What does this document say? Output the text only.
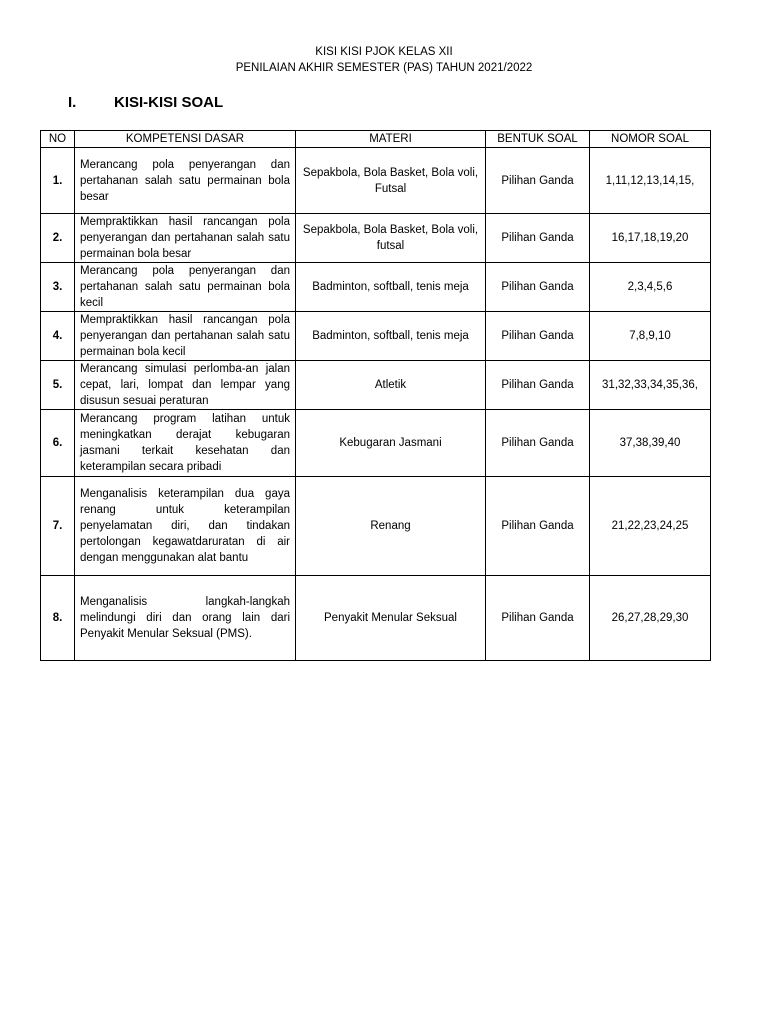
KISI KISI PJOK KELAS XII
PENILAIAN AKHIR SEMESTER (PAS) TAHUN 2021/2022
I.	KISI-KISI SOAL
NO	KOMPETENSI DASAR	MATERI	BENTUK SOAL	NOMOR SOAL
1.	Merancang pola penyerangan dan pertahanan salah satu permainan bola besar	Sepakbola, Bola Basket, Bola voli, Futsal	Pilihan Ganda	1,11,12,13,14,15,
2.	Mempraktikkan hasil rancangan pola penyerangan dan pertahanan salah satu permainan bola besar	Sepakbola, Bola Basket, Bola voli, futsal	Pilihan Ganda	16,17,18,19,20
3.	Merancang pola penyerangan dan pertahanan salah satu permainan bola kecil	Badminton, softball, tenis meja	Pilihan Ganda	2,3,4,5,6
4.	Mempraktikkan hasil rancangan pola penyerangan dan pertahanan salah satu permainan bola kecil	Badminton, softball, tenis meja	Pilihan Ganda	7,8,9,10
5.	Merancang simulasi perlomba-an jalan cepat, lari, lompat dan lempar yang disusun sesuai peraturan	Atletik	Pilihan Ganda	31,32,33,34,35,36,
6.	Merancang program latihan untuk meningkatkan derajat kebugaran jasmani terkait kesehatan dan keterampilan secara pribadi	Kebugaran Jasmani	Pilihan Ganda	37,38,39,40
7.	Menganalisis keterampilan dua gaya renang untuk keterampilan penyelamatan diri, dan tindakan pertolongan kegawatdaruratan di air dengan menggunakan alat bantu	Renang	Pilihan Ganda	21,22,23,24,25
8.	Menganalisis langkah-langkah melindungi diri dan orang lain dari Penyakit Menular Seksual (PMS).	Penyakit Menular Seksual	Pilihan Ganda	26,27,28,29,30
